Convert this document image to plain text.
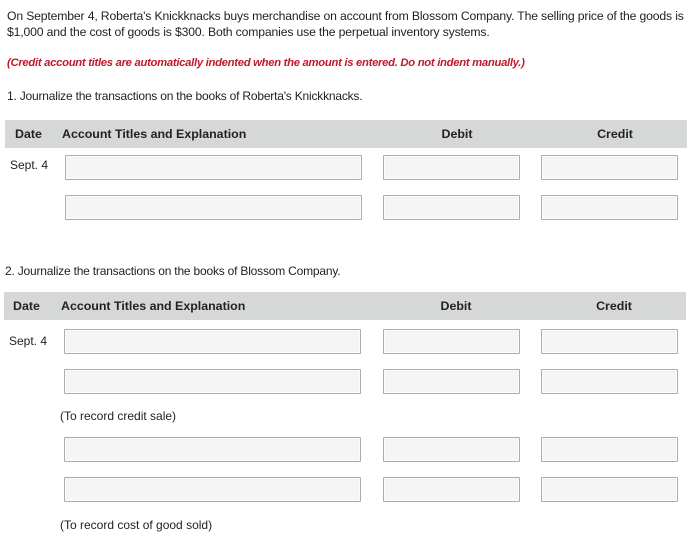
On September 4, Roberta's Knickknacks buys merchandise on account from Blossom Company. The selling price of the goods is $1,000 and the cost of goods is $300. Both companies use the perpetual inventory systems.

(Credit account titles are automatically indented when the amount is entered. Do not indent manually.)

1. Journalize the transactions on the books of Roberta's Knickknacks.

Date	Account Titles and Explanation	Debit	Credit
Sept. 4

2. Journalize the transactions on the books of Blossom Company.

Date	Account Titles and Explanation	Debit	Credit
Sept. 4
(To record credit sale)
(To record cost of good sold)
